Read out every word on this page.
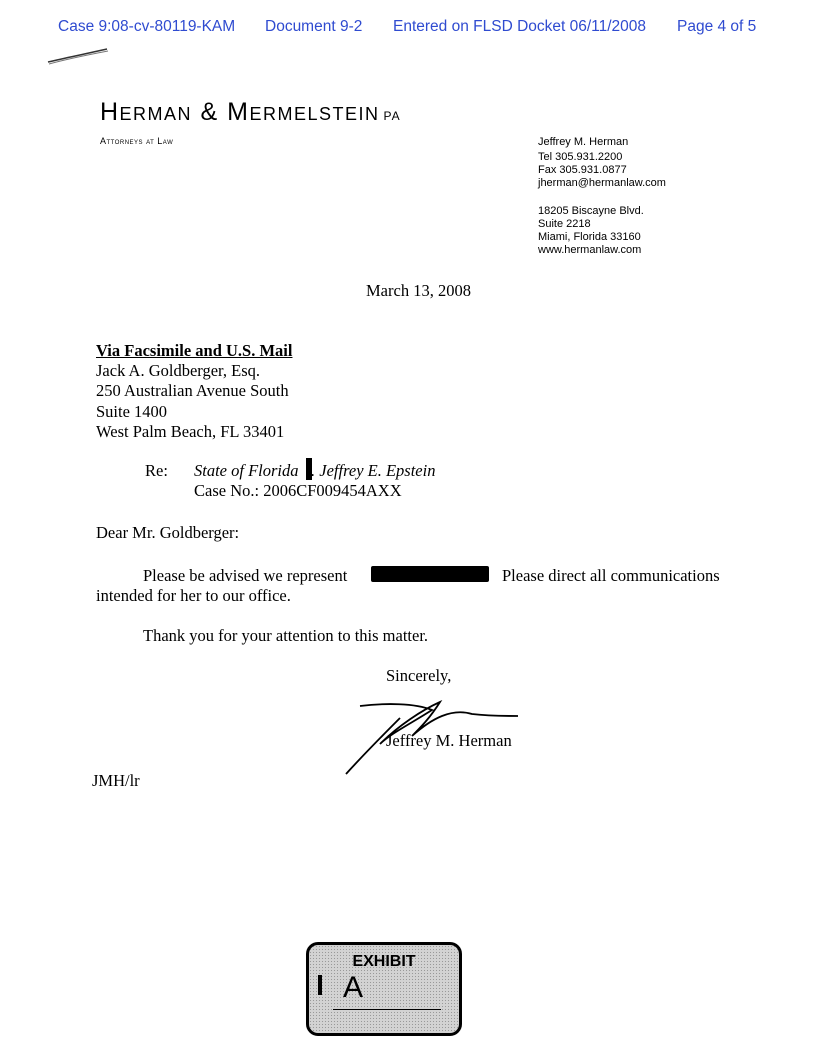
Case 9:08-cv-80119-KAM Document 9-2 Entered on FLSD Docket 06/11/2008 Page 4 of 5
Herman & Mermelstein PA
Attorneys at Law	Jeffrey M. Herman
Tel 305.931.2200
Fax 305.931.0877
jherman@hermanlaw.com
18205 Biscayne Blvd.
Suite 2218
Miami, Florida 33160
www.hermanlaw.com
March 13, 2008
Via Facsimile and U.S. Mail
Jack A. Goldberger, Esq.
250 Australian Avenue South
Suite 1400
West Palm Beach, FL 33401
Re: State of Florida . Jeffrey E. Epstein
Case No.: 2006CF009454AXX
Dear Mr. Goldberger:
Please be advised we represent	Please direct all communications
intended for her to our office.
Thank you for your attention to this matter.
Sincerely,
Jeffrey M. Herman
JMH/lr
EXHIBIT
A
